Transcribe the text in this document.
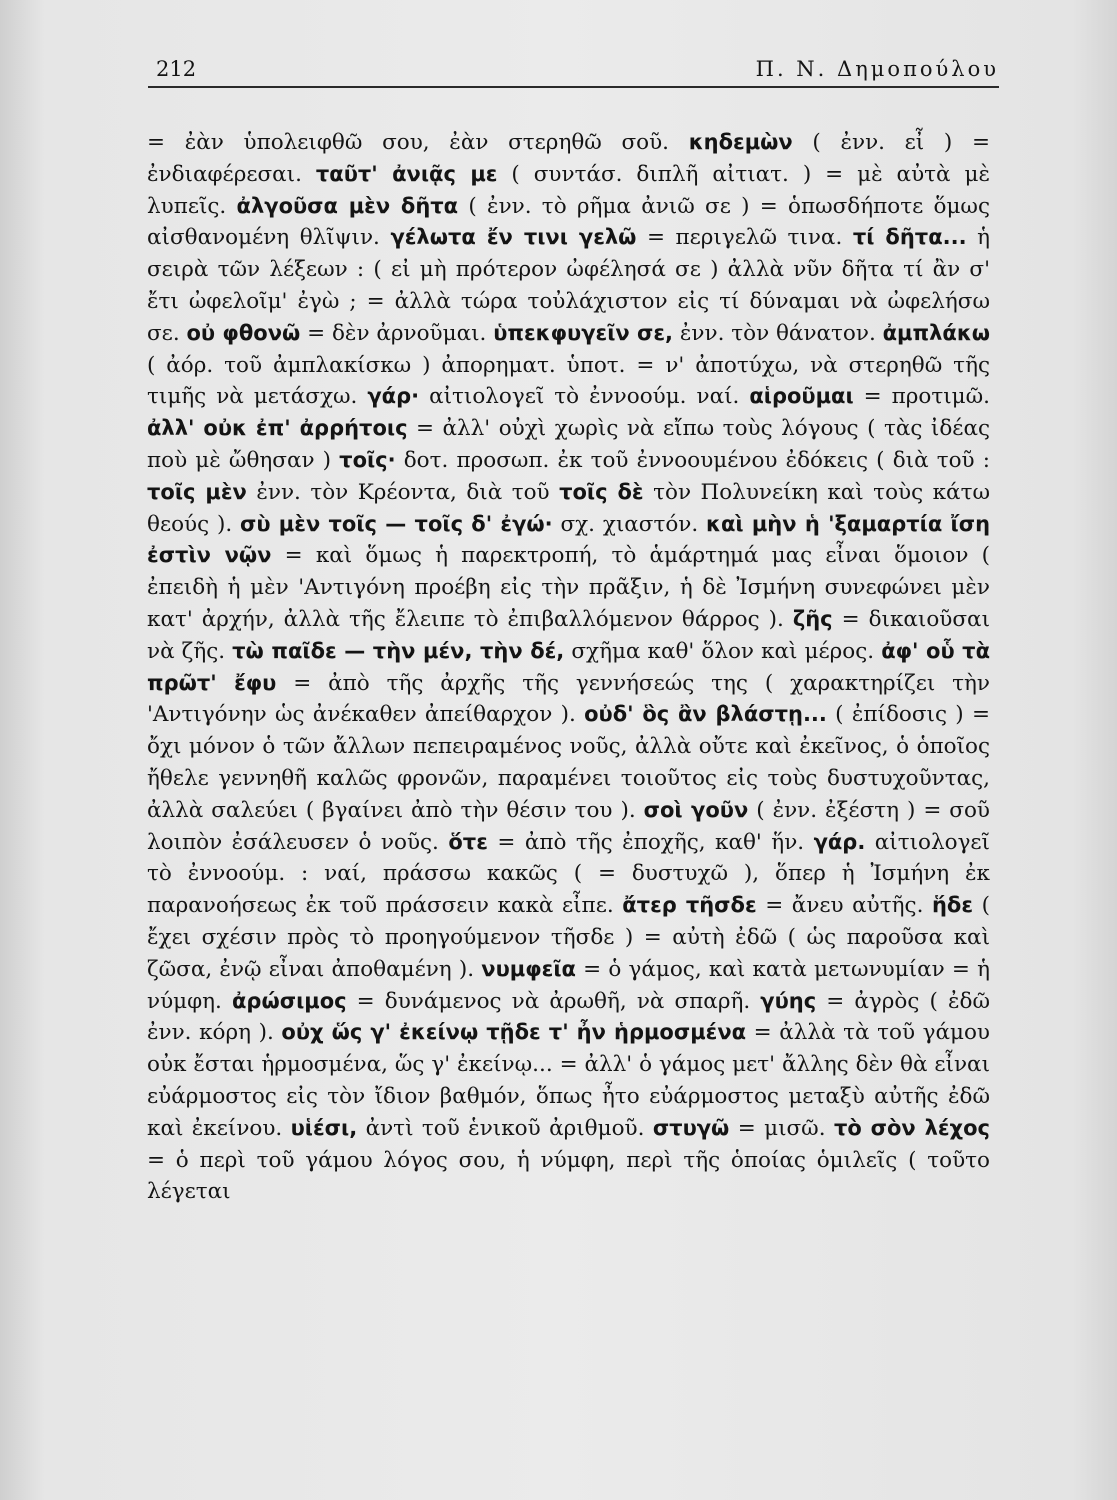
212	Π. Ν. Δημοπούλου

= ἐὰν ὑπολειφθῶ σου, ἐὰν στερηθῶ σοῦ. κηδεμὼν ( ἐνν. εἶ ) = ἐνδιαφέρεσαι. ταῦτ' ἀνιᾷς με ( συντάσ. διπλῆ αἰτιατ. ) = μὲ αὐτὰ μὲ λυπεῖς. ἀλγοῦσα μὲν δῆτα ( ἐνν. τὸ ρῆμα ἀνιῶ σε ) = ὁπωσδήποτε ὅμως αἰσθανομένη θλῖψιν. γέλωτα ἔν τινι γελῶ = περιγελῶ τινα. τί δῆτα... ἡ σειρὰ τῶν λέξεων : ( εἰ μὴ πρότερον ὠφέλησά σε ) ἀλλὰ νῦν δῆτα τί ἂν σ' ἔτι ὠφελοῖμ' ἐγὼ ; = ἀλλὰ τώρα τοὐλάχιστον εἰς τί δύναμαι νὰ ὠφελήσω σε. οὐ φθονῶ = δὲν ἀρνοῦμαι. ὑπεκφυγεῖν σε, ἐνν. τὸν θάνατον. ἀμπλάκω ( ἀόρ. τοῦ ἀμπλακίσκω ) ἀπορηματ. ὑποτ. = ν' ἀποτύχω, νὰ στερηθῶ τῆς τιμῆς νὰ μετάσχω. γάρ· αἰτιολογεῖ τὸ ἐννοούμ. ναί. αἱροῦμαι = προτιμῶ. ἀλλ' οὐκ ἐπ' ἀρρήτοις = ἀλλ' οὐχὶ χωρὶς νὰ εἴπω τοὺς λόγους ( τὰς ἰδέας ποὺ μὲ ὤθησαν ) τοῖς· δοτ. προσωπ. ἐκ τοῦ ἐννοουμένου ἐδόκεις ( διὰ τοῦ : τοῖς μὲν ἐνν. τὸν Κρέοντα, διὰ τοῦ τοῖς δὲ τὸν Πολυνείκη καὶ τοὺς κάτω θεούς ). σὺ μὲν τοῖς — τοῖς δ' ἐγώ· σχ. χιαστόν. καὶ μὴν ἡ 'ξαμαρτία ἴση ἐστὶν νῷν = καὶ ὅμως ἡ παρεκτροπή, τὸ ἁμάρτημά μας εἶναι ὅμοιον ( ἐπειδὴ ἡ μὲν 'Αντιγόνη προέβη εἰς τὴν πρᾶξιν, ἡ δὲ Ἰσμήνη συνεφώνει μὲν κατ' ἀρχήν, ἀλλὰ τῆς ἔλειπε τὸ ἐπιβαλλόμενον θάρρος ). ζῆς = δικαιοῦσαι νὰ ζῆς. τὼ παῖδε — τὴν μέν, τὴν δέ, σχῆμα καθ' ὅλον καὶ μέρος. ἀφ' οὗ τὰ πρῶτ' ἔφυ = ἀπὸ τῆς ἀρχῆς τῆς γεννήσεώς της ( χαρακτηρίζει τὴν 'Αντιγόνην ὡς ἀνέκαθεν ἀπείθαρχον ). οὐδ' ὃς ἂν βλάστῃ... ( ἐπίδοσις ) = ὄχι μόνον ὁ τῶν ἄλλων πεπειραμένος νοῦς, ἀλλὰ οὔτε καὶ ἐκεῖνος, ὁ ὁποῖος ἤθελε γεννηθῆ καλῶς φρονῶν, παραμένει τοιοῦτος εἰς τοὺς δυστυχοῦντας, ἀλλὰ σαλεύει ( βγαίνει ἀπὸ τὴν θέσιν του ). σοὶ γοῦν ( ἐνν. ἐξέστη ) = σοῦ λοιπὸν ἐσάλευσεν ὁ νοῦς. ὅτε = ἀπὸ τῆς ἐποχῆς, καθ' ἥν. γάρ. αἰτιολογεῖ τὸ ἐννοούμ. : ναί, πράσσω κακῶς ( = δυστυχῶ ), ὅπερ ἡ Ἰσμήνη ἐκ παρανοήσεως ἐκ τοῦ πράσσειν κακὰ εἶπε. ἄτερ τῆσδε = ἄνευ αὐτῆς. ἥδε ( ἔχει σχέσιν πρὸς τὸ προηγούμενον τῆσδε ) = αὐτὴ ἐδῶ ( ὡς παροῦσα καὶ ζῶσα, ἐνῷ εἶναι ἀποθαμένη ). νυμφεῖα = ὁ γάμος, καὶ κατὰ μετωνυμίαν = ἡ νύμφη. ἀρώσιμος = δυνάμενος νὰ ἀρωθῆ, νὰ σπαρῆ. γύης = ἀγρὸς ( ἐδῶ ἐνν. κόρη ). οὐχ ὥς γ' ἐκείνῳ τῇδε τ' ἦν ἡρμοσμένα = ἀλλὰ τὰ τοῦ γάμου οὐκ ἔσται ἡρμοσμένα, ὥς γ' ἐκείνῳ... = ἀλλ' ὁ γάμος μετ' ἄλλης δὲν θὰ εἶναι εὐάρμοστος εἰς τὸν ἴδιον βαθμόν, ὅπως ἦτο εὐάρμοστος μεταξὺ αὐτῆς ἐδῶ καὶ ἐκείνου. υἱέσι, ἀντὶ τοῦ ἑνικοῦ ἀριθμοῦ. στυγῶ = μισῶ. τὸ σὸν λέχος = ὁ περὶ τοῦ γάμου λόγος σου, ἡ νύμφη, περὶ τῆς ὁποίας ὁμιλεῖς ( τοῦτο λέγεται
